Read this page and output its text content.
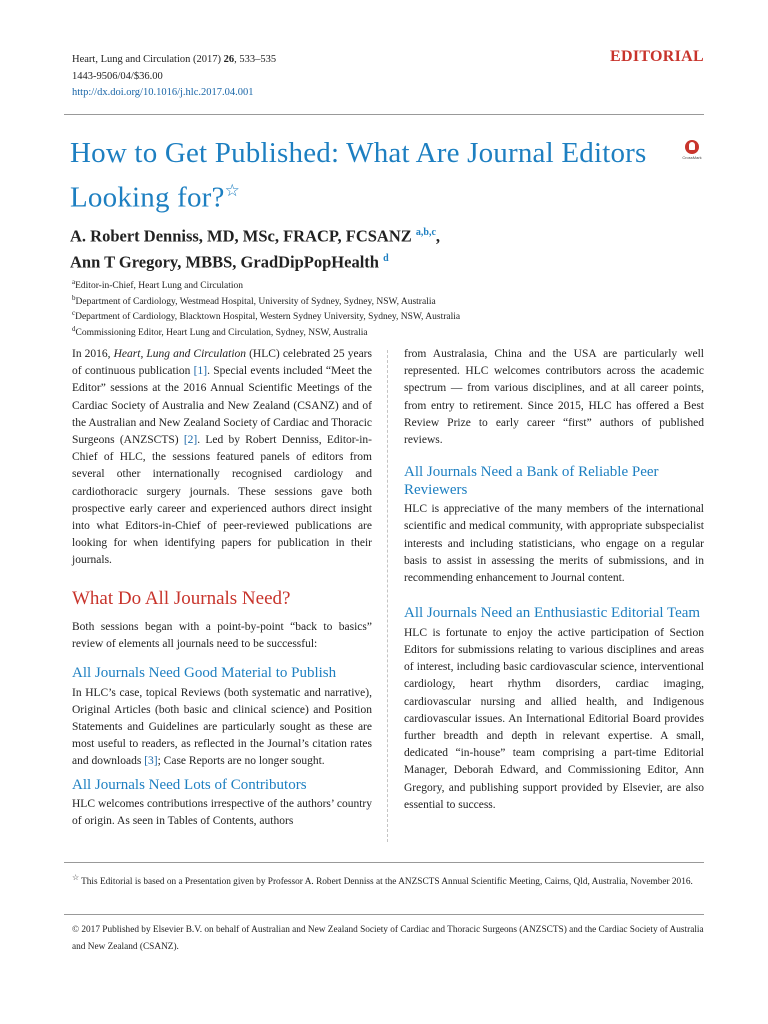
Heart, Lung and Circulation (2017) 26, 533–535
1443-9506/04/$36.00
http://dx.doi.org/10.1016/j.hlc.2017.04.001
EDITORIAL
How to Get Published: What Are Journal Editors Looking for?☆
CrossMark
A. Robert Denniss, MD, MSc, FRACP, FCSANZ $^{a,b,c}$,
Ann T Gregory, MBBS, GradDipPopHealth $^d$
$^a$Editor-in-Chief, Heart Lung and Circulation
$^b$Department of Cardiology, Westmead Hospital, University of Sydney, Sydney, NSW, Australia
$^c$Department of Cardiology, Blacktown Hospital, Western Sydney University, Sydney, NSW, Australia
$^d$Commissioning Editor, Heart Lung and Circulation, Sydney, NSW, Australia

In 2016, Heart, Lung and Circulation (HLC) celebrated 25 years of continuous publication [1]. Special events included “Meet the Editor” sessions at the 2016 Annual Scientific Meetings of the Cardiac Society of Australia and New Zealand (CSANZ) and of the Australian and New Zealand Society of Cardiac and Thoracic Surgeons (ANZSCTS) [2]. Led by Robert Denniss, Editor-in-Chief of HLC, the sessions featured panels of editors from several other internationally recognised cardiology and cardiothoracic surgery journals. These sessions gave both prospective early career and experienced authors direct insight into what Editors-in-Chief of peer-reviewed publications are looking for when identifying papers for publication in their journals.

What Do All Journals Need?

Both sessions began with a point-by-point “back to basics” review of elements all journals need to be successful:

All Journals Need Good Material to Publish

In HLC’s case, topical Reviews (both systematic and narrative), Original Articles (both basic and clinical science) and Position Statements and Guidelines are particularly sought as these are most useful to readers, as reflected in the Journal’s citation rates and downloads [3]; Case Reports are no longer sought.

All Journals Need Lots of Contributors

HLC welcomes contributions irrespective of the authors’ country of origin. As seen in Tables of Contents, authors

from Australasia, China and the USA are particularly well represented. HLC welcomes contributors across the academic spectrum — from various disciplines, and at all career points, from entry to retirement. Since 2015, HLC has offered a Best Review Prize to early career “first” authors of published reviews.

All Journals Need a Bank of Reliable Peer Reviewers

HLC is appreciative of the many members of the international scientific and medical community, with appropriate subspecialist interests and including statisticians, who engage on a regular basis to assist in assessing the merits of submissions, and in recommending enhancement to Journal content.

All Journals Need an Enthusiastic Editorial Team

HLC is fortunate to enjoy the active participation of Section Editors for submissions relating to various disciplines and areas of interest, including basic cardiovascular science, interventional cardiology, heart rhythm disorders, cardiac imaging, cardiovascular nursing and allied health, and Indigenous cardiovascular issues. An International Editorial Board provides further breadth and depth in relevant expertise. A small, dedicated “in-house” team comprising a part-time Editorial Manager, Deborah Edward, and Commissioning Editor, Ann Gregory, and publishing support provided by Elsevier, are also essential to success.

☆ This Editorial is based on a Presentation given by Professor A. Robert Denniss at the ANZSCTS Annual Scientific Meeting, Cairns, Qld, Australia, November 2016.
© 2017 Published by Elsevier B.V. on behalf of Australian and New Zealand Society of Cardiac and Thoracic Surgeons (ANZSCTS) and the Cardiac Society of Australia and New Zealand (CSANZ).
